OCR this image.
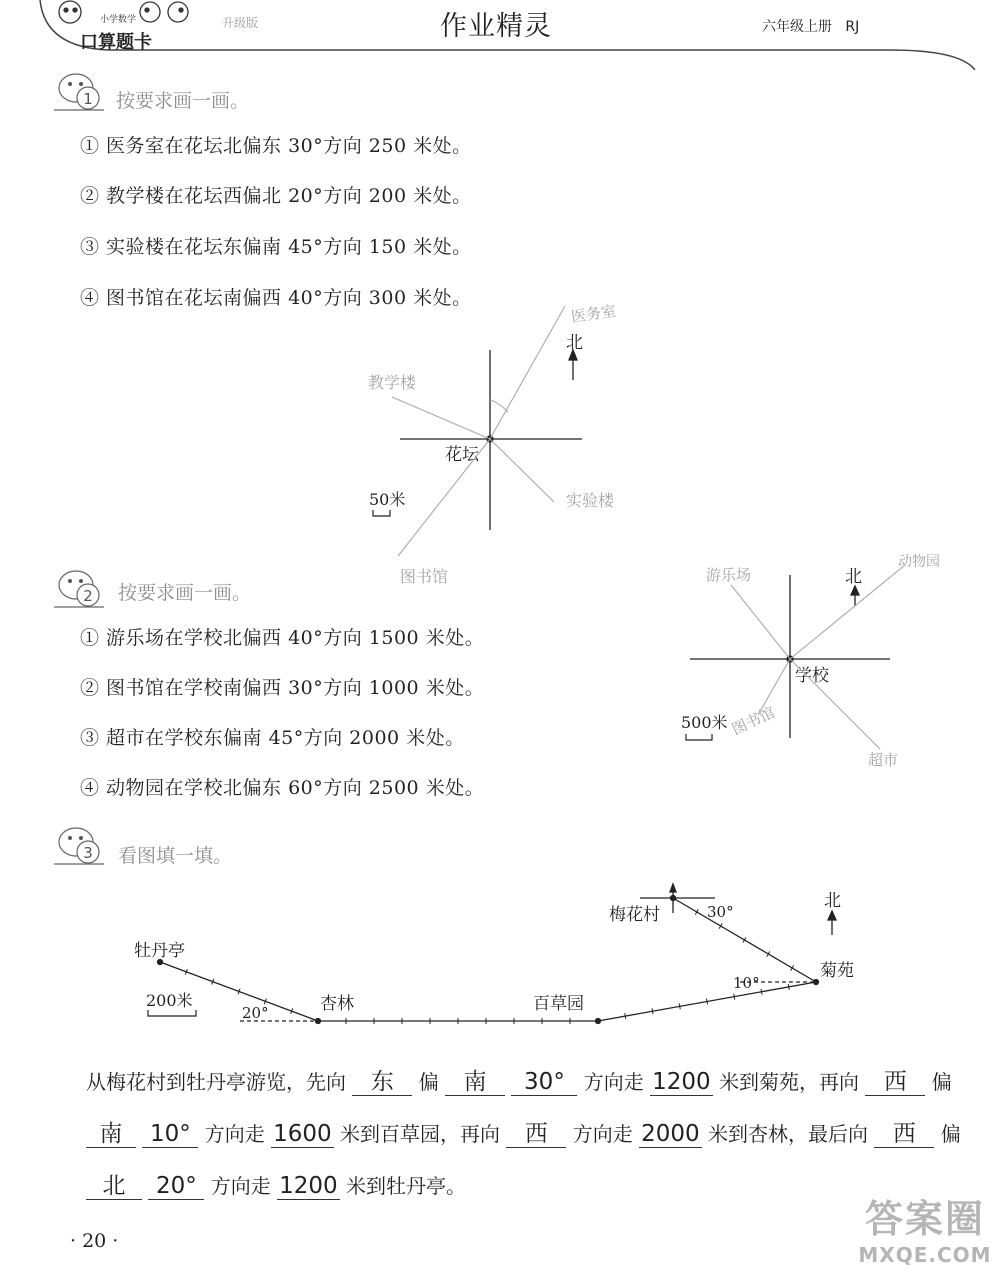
小学数学
口算题卡
升级版	作业精灵	六年级上册 RJ
1 按要求画一画。
① 医务室在花坛北偏东 30°方向 250 米处。
② 教学楼在花坛西偏北 20°方向 200 米处。
③ 实验楼在花坛东偏南 45°方向 150 米处。
④ 图书馆在花坛南偏西 40°方向 300 米处。
北
花坛
50米
医务室
教学楼
实验楼
图书馆
2 按要求画一画。
① 游乐场在学校北偏西 40°方向 1500 米处。
② 图书馆在学校南偏西 30°方向 1000 米处。
③ 超市在学校东偏南 45°方向 2000 米处。
④ 动物园在学校北偏东 60°方向 2500 米处。
北
学校
500米
游乐场
动物园
图书馆
超市
3 看图填一填。
北
牡丹亭
杏林	百草园
梅花村
菊苑
200米
20°
10°
30°
从梅花村到牡丹亭游览，先向 东 偏 南 30° 方向走 1200 米到菊苑，再向 西 偏
南 10° 方向走 1600 米到百草园，再向 西 方向走 2000 米到杏林，最后向 西 偏
北 20° 方向走 1200 米到牡丹亭。
· 20 ·	答案圈
MXQE.COM
